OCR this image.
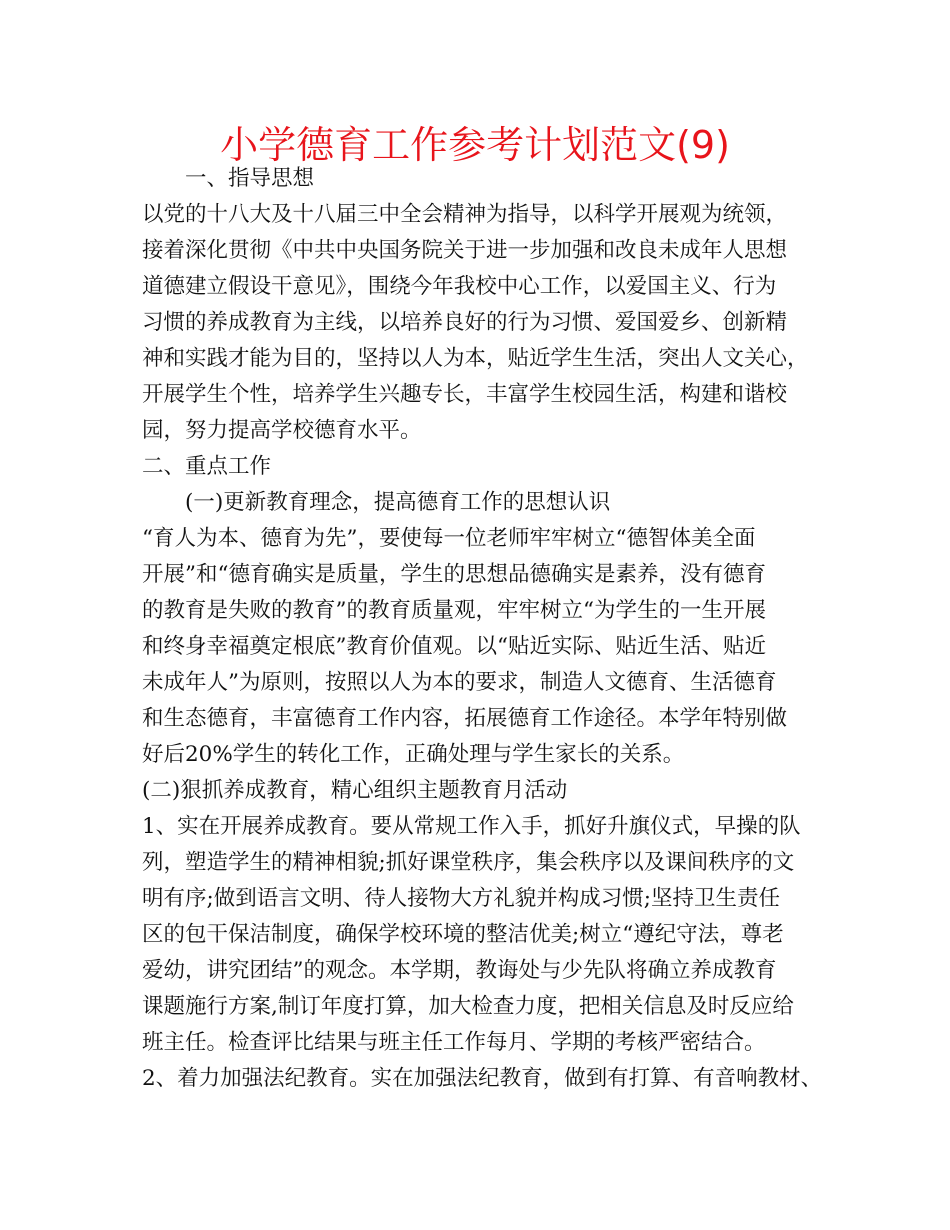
小学德育工作参考计划范文(9)

　　一、指导思想

以党的十八大及十八届三中全会精神为指导，以科学开展观为统领，

接着深化贯彻《中共中央国务院关于进一步加强和改良未成年人思想

道德建立假设干意见》，围绕今年我校中心工作，以爱国主义、行为

习惯的养成教育为主线，以培养良好的行为习惯、爱国爱乡、创新精

神和实践才能为目的，坚持以人为本，贴近学生生活，突出人文关心，

开展学生个性，培养学生兴趣专长，丰富学生校园生活，构建和谐校

园，努力提高学校德育水平。

二、重点工作

　　(一)更新教育理念，提高德育工作的思想认识

“育人为本、德育为先”，要使每一位老师牢牢树立“德智体美全面

开展”和“德育确实是质量，学生的思想品德确实是素养，没有德育

的教育是失败的教育”的教育质量观，牢牢树立“为学生的一生开展

和终身幸福奠定根底”教育价值观。以“贴近实际、贴近生活、贴近

未成年人”为原则，按照以人为本的要求，制造人文德育、生活德育

和生态德育，丰富德育工作内容，拓展德育工作途径。本学年特别做

好后20%学生的转化工作，正确处理与学生家长的关系。

(二)狠抓养成教育，精心组织主题教育月活动

1、实在开展养成教育。要从常规工作入手，抓好升旗仪式，早操的队

列，塑造学生的精神相貌;抓好课堂秩序，集会秩序以及课间秩序的文

明有序;做到语言文明、待人接物大方礼貌并构成习惯;坚持卫生责任

区的包干保洁制度，确保学校环境的整洁优美;树立“遵纪守法，尊老

爱幼，讲究团结”的观念。本学期，教诲处与少先队将确立养成教育

课题施行方案,制订年度打算，加大检查力度，把相关信息及时反应给

班主任。检查评比结果与班主任工作每月、学期的考核严密结合。

2、着力加强法纪教育。实在加强法纪教育，做到有打算、有音响教材、
